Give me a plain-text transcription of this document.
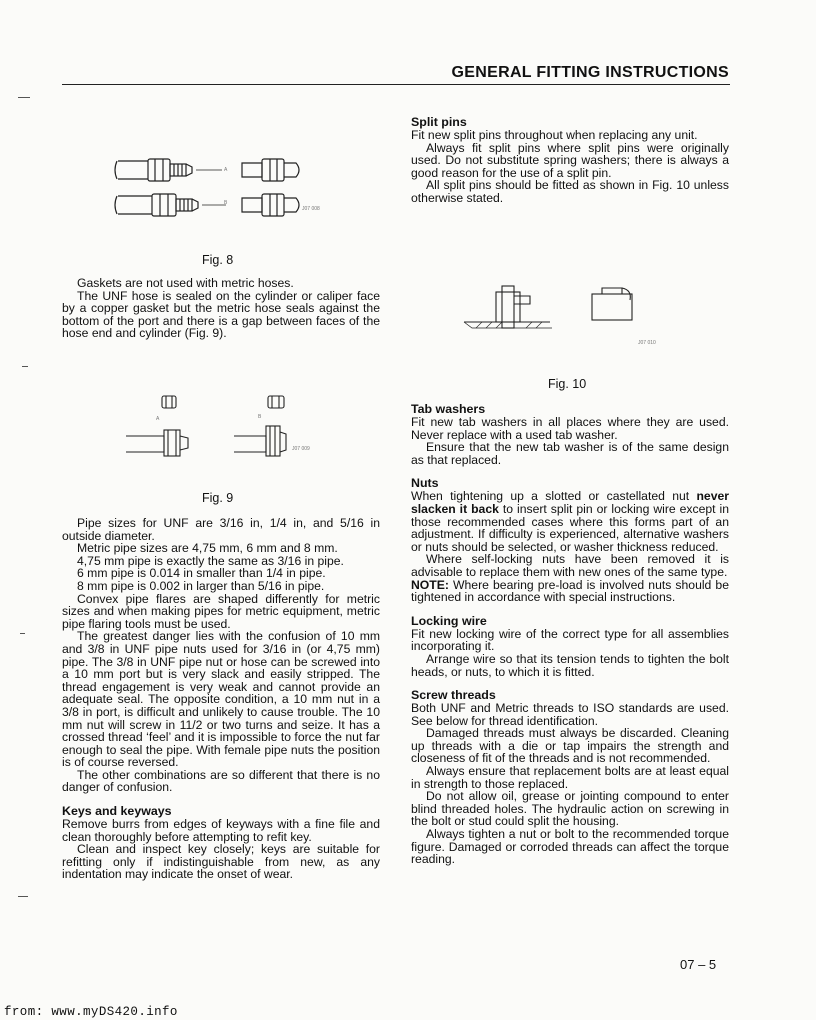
GENERAL FITTING INSTRUCTIONS
A
B
J07 008
Fig. 8

Gaskets are not used with metric hoses.

The UNF hose is sealed on the cylinder or caliper face by a copper gasket but the metric hose seals against the bottom of the port and there is a gap between faces of the hose end and cylinder (Fig. 9).

A	B
J07 009
Fig. 9

Pipe sizes for UNF are 3/16 in, 1/4 in, and 5/16 in outside diameter.

Metric pipe sizes are 4,75 mm, 6 mm and 8 mm.

4,75 mm pipe is exactly the same as 3/16 in pipe.

6 mm pipe is 0.014 in smaller than 1/4 in pipe.

8 mm pipe is 0.002 in larger than 5/16 in pipe.

Convex pipe flares are shaped differently for metric sizes and when making pipes for metric equipment, metric pipe flaring tools must be used.

The greatest danger lies with the confusion of 10 mm and 3/8 in UNF pipe nuts used for 3/16 in (or 4,75 mm) pipe. The 3/8 in UNF pipe nut or hose can be screwed into a 10 mm port but is very slack and easily stripped. The thread engagement is very weak and cannot provide an adequate seal. The opposite condition, a 10 mm nut in a 3/8 in port, is difficult and unlikely to cause trouble. The 10 mm nut will screw in 11/2 or two turns and seize. It has a crossed thread ‘feel’ and it is impossible to force the nut far enough to seal the pipe. With female pipe nuts the position is of course reversed.

The other combinations are so different that there is no danger of confusion.

Keys and keyways

Remove burrs from edges of keyways with a fine file and clean thoroughly before attempting to refit key.

Clean and inspect key closely; keys are suitable for refitting only if indistinguishable from new, as any indentation may indicate the onset of wear.

Split pins

Fit new split pins throughout when replacing any unit.

Always fit split pins where split pins were originally used. Do not substitute spring washers; there is always a good reason for the use of a split pin.

All split pins should be fitted as shown in Fig. 10 unless otherwise stated.

J07 010
Fig. 10
Tab washers

Fit new tab washers in all places where they are used. Never replace with a used tab washer.

Ensure that the new tab washer is of the same design as that replaced.

Nuts

When tightening up a slotted or castellated nut never slacken it back to insert split pin or locking wire except in those recommended cases where this forms part of an adjustment. If difficulty is experienced, alternative washers or nuts should be selected, or washer thickness reduced.

Where self-locking nuts have been removed it is advisable to replace them with new ones of the same type.

NOTE: Where bearing pre-load is involved nuts should be tightened in accordance with special instructions.

Locking wire

Fit new locking wire of the correct type for all assemblies incorporating it.

Arrange wire so that its tension tends to tighten the bolt heads, or nuts, to which it is fitted.

Screw threads

Both UNF and Metric threads to ISO standards are used. See below for thread identification.

Damaged threads must always be discarded. Cleaning up threads with a die or tap impairs the strength and closeness of fit of the threads and is not recommended.

Always ensure that replacement bolts are at least equal in strength to those replaced.

Do not allow oil, grease or jointing compound to enter blind threaded holes. The hydraulic action on screwing in the bolt or stud could split the housing.

Always tighten a nut or bolt to the recommended torque figure. Damaged or corroded threads can affect the torque reading.

07 – 5
from: www.myDS420.info
